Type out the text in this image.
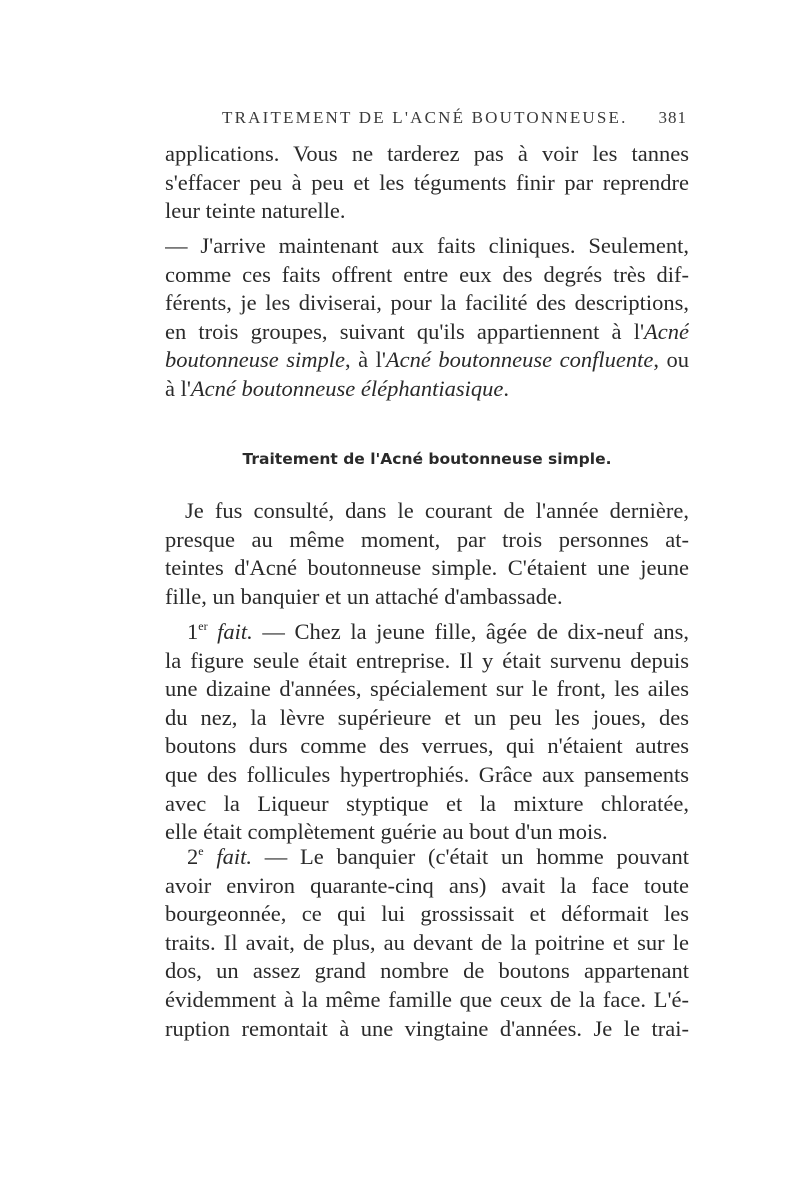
TRAITEMENT DE L'ACNÉ BOUTONNEUSE. 381
applications. Vous ne tarderez pas à voir les tannes
s'effacer peu à peu et les téguments finir par reprendre
leur teinte naturelle.
— J'arrive maintenant aux faits cliniques. Seulement,
comme ces faits offrent entre eux des degrés très dif-
férents, je les diviserai, pour la facilité des descriptions,
en trois groupes, suivant qu'ils appartiennent à l'Acné
boutonneuse simple, à l'Acné boutonneuse confluente, ou
à l'Acné boutonneuse éléphantiasique.
Traitement de l'Acné boutonneuse simple.
Je fus consulté, dans le courant de l'année dernière,
presque au même moment, par trois personnes at-
teintes d'Acné boutonneuse simple. C'étaient une jeune
fille, un banquier et un attaché d'ambassade.
1er fait. — Chez la jeune fille, âgée de dix-neuf ans,
la figure seule était entreprise. Il y était survenu depuis
une dizaine d'années, spécialement sur le front, les ailes
du nez, la lèvre supérieure et un peu les joues, des
boutons durs comme des verrues, qui n'étaient autres
que des follicules hypertrophiés. Grâce aux pansements
avec la Liqueur styptique et la mixture chloratée,
elle était complètement guérie au bout d'un mois.
2e fait. — Le banquier (c'était un homme pouvant
avoir environ quarante-cinq ans) avait la face toute
bourgeonnée, ce qui lui grossissait et déformait les
traits. Il avait, de plus, au devant de la poitrine et sur le
dos, un assez grand nombre de boutons appartenant
évidemment à la même famille que ceux de la face. L'é-
ruption remontait à une vingtaine d'années. Je le trai-
